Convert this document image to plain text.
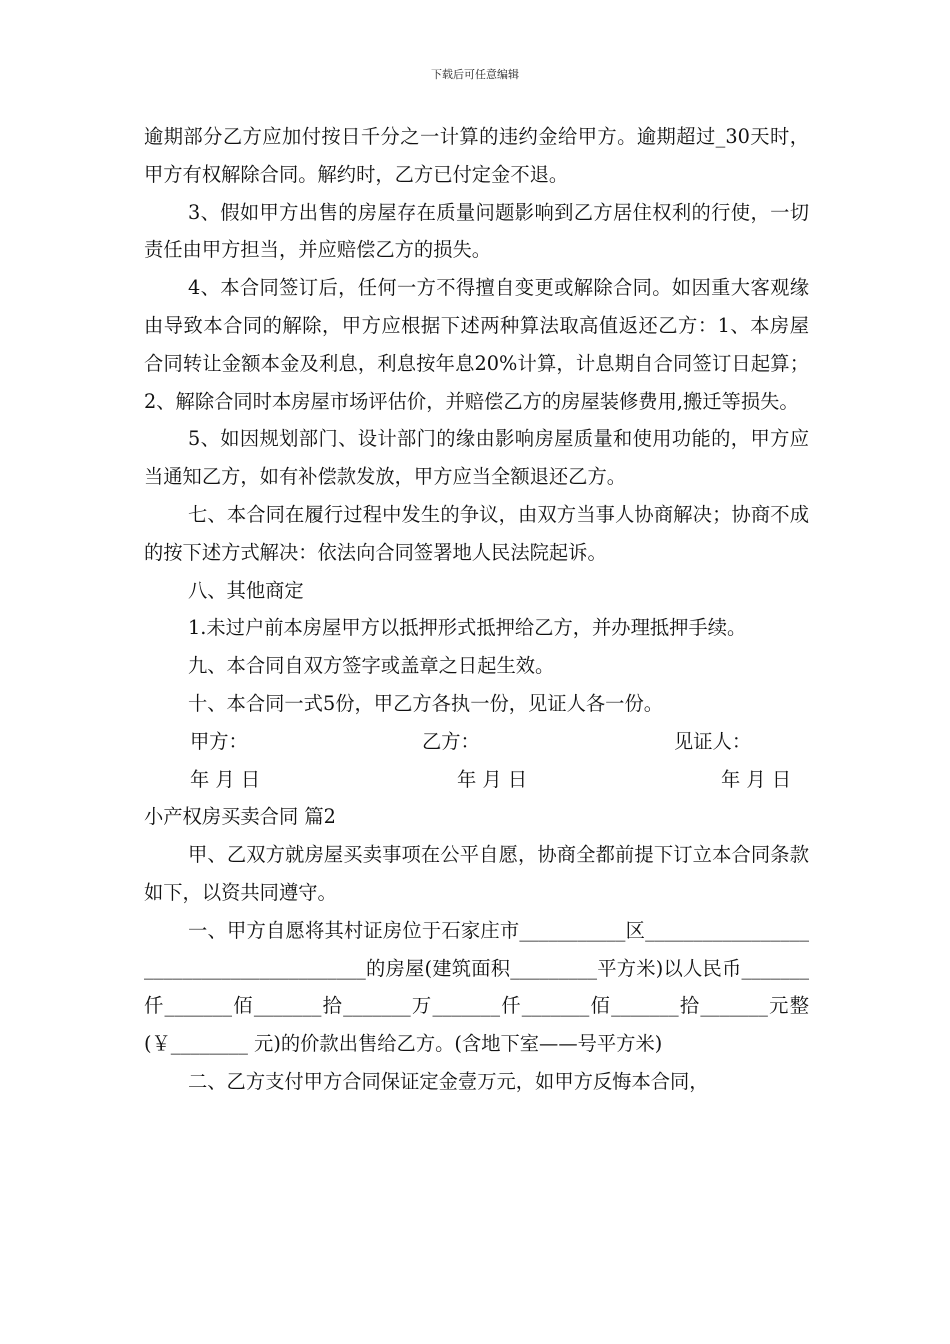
下载后可任意编辑

逾期部分乙方应加付按日千分之一计算的违约金给甲方。逾期超过_30天时，甲方有权解除合同。解约时，乙方已付定金不退。

3、假如甲方出售的房屋存在质量问题影响到乙方居住权利的行使，一切责任由甲方担当，并应赔偿乙方的损失。

4、本合同签订后，任何一方不得擅自变更或解除合同。如因重大客观缘由导致本合同的解除，甲方应根据下述两种算法取高值返还乙方：1、本房屋合同转让金额本金及利息，利息按年息20%计算，计息期自合同签订日起算；2、解除合同时本房屋市场评估价，并赔偿乙方的房屋装修费用,搬迁等损失。

5、如因规划部门、设计部门的缘由影响房屋质量和使用功能的，甲方应当通知乙方，如有补偿款发放，甲方应当全额退还乙方。

七、本合同在履行过程中发生的争议，由双方当事人协商解决；协商不成的按下述方式解决：依法向合同签署地人民法院起诉。

八、其他商定

1.未过户前本房屋甲方以抵押形式抵押给乙方，并办理抵押手续。

九、本合同自双方签字或盖章之日起生效。

十、本合同一式5份，甲乙方各执一份，见证人各一份。

甲方：	乙方：	见证人：
年 月 日	年 月 日	年 月 日

小产权房买卖合同 篇2

甲、乙双方就房屋买卖事项在公平自愿，协商全都前提下订立本合同条款如下，以资共同遵守。

一、甲方自愿将其村证房位于石家庄市___________区________________________________________的房屋(建筑面积_________平方米)以人民币_______仟_______佰_______拾_______万_______仟_______佰_______拾_______元整(￥________ 元)的价款出售给乙方。(含地下室——号平方米)

二、乙方支付甲方合同保证定金壹万元，如甲方反悔本合同，
